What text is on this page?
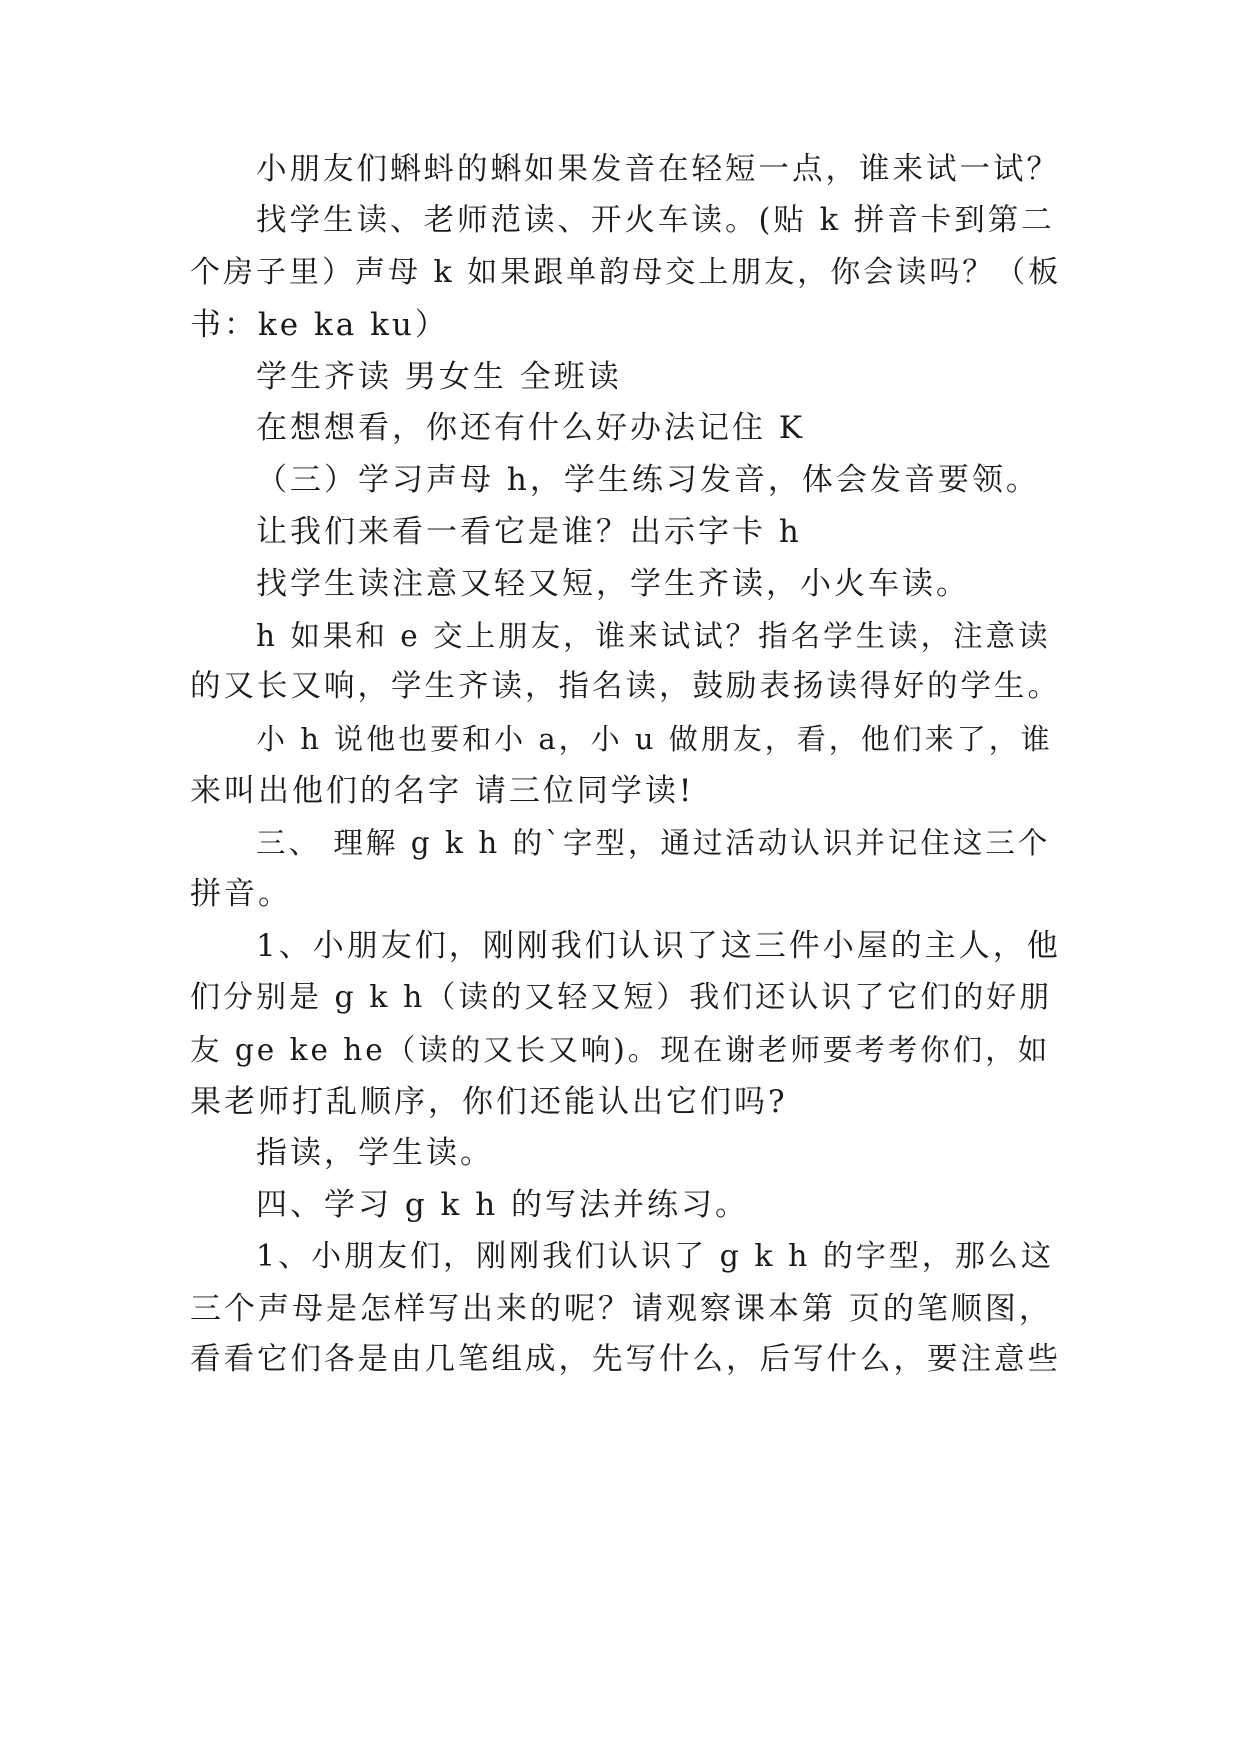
小朋友们蝌蚪的蝌如果发音在轻短一点，谁来试一试？
找学生读、老师范读、开火车读。(贴 k 拼音卡到第二
个房子里）声母 k 如果跟单韵母交上朋友，你会读吗？（板
书：ke ka ku）
学生齐读 男女生 全班读
在想想看，你还有什么好办法记住 K
（三）学习声母 h，学生练习发音，体会发音要领。
让我们来看一看它是谁？出示字卡 h
找学生读注意又轻又短，学生齐读，小火车读。
h 如果和 e 交上朋友，谁来试试？指名学生读，注意读
的又长又响，学生齐读，指名读，鼓励表扬读得好的学生。
小 h 说他也要和小 a，小 u 做朋友，看，他们来了，谁
来叫出他们的名字 请三位同学读!
三、 理解 g k h 的`字型，通过活动认识并记住这三个
拼音。
1、小朋友们，刚刚我们认识了这三件小屋的主人，他
们分别是 g k h（读的又轻又短）我们还认识了它们的好朋
友 ge ke he（读的又长又响)。现在谢老师要考考你们，如
果老师打乱顺序，你们还能认出它们吗?
指读，学生读。
四、学习 g k h 的写法并练习。
1、小朋友们，刚刚我们认识了 g k h 的字型，那么这
三个声母是怎样写出来的呢？请观察课本第 页的笔顺图，
看看它们各是由几笔组成，先写什么，后写什么，要注意些
